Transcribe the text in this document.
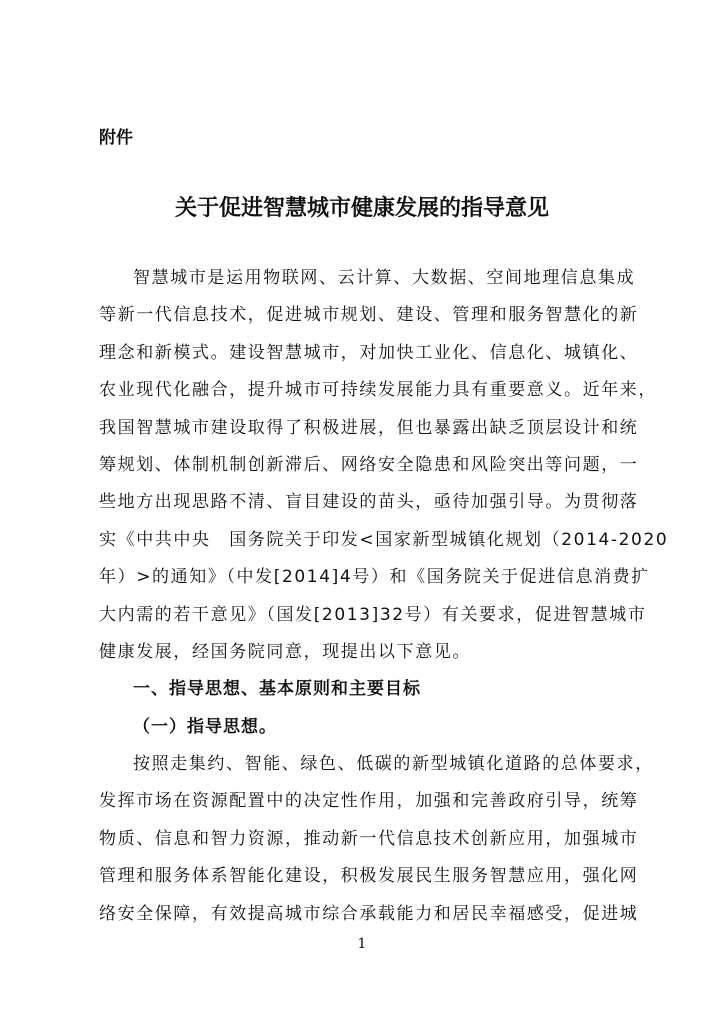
附件

关于促进智慧城市健康发展的指导意见
智慧城市是运用物联网、云计算、大数据、空间地理信息集成
等新一代信息技术，促进城市规划、建设、管理和服务智慧化的新
理念和新模式。建设智慧城市，对加快工业化、信息化、城镇化、
农业现代化融合，提升城市可持续发展能力具有重要意义。近年来，
我国智慧城市建设取得了积极进展，但也暴露出缺乏顶层设计和统
筹规划、体制机制创新滞后、网络安全隐患和风险突出等问题，一
些地方出现思路不清、盲目建设的苗头，亟待加强引导。为贯彻落
实《中共中央　国务院关于印发<国家新型城镇化规划（2014-2020
年）>的通知》（中发[2014]4号）和《国务院关于促进信息消费扩
大内需的若干意见》（国发[2013]32号）有关要求，促进智慧城市
健康发展，经国务院同意，现提出以下意见。
一、指导思想、基本原则和主要目标
（一）指导思想。
按照走集约、智能、绿色、低碳的新型城镇化道路的总体要求，
发挥市场在资源配置中的决定性作用，加强和完善政府引导，统筹
物质、信息和智力资源，推动新一代信息技术创新应用，加强城市
管理和服务体系智能化建设，积极发展民生服务智慧应用，强化网
络安全保障，有效提高城市综合承载能力和居民幸福感受，促进城

1
